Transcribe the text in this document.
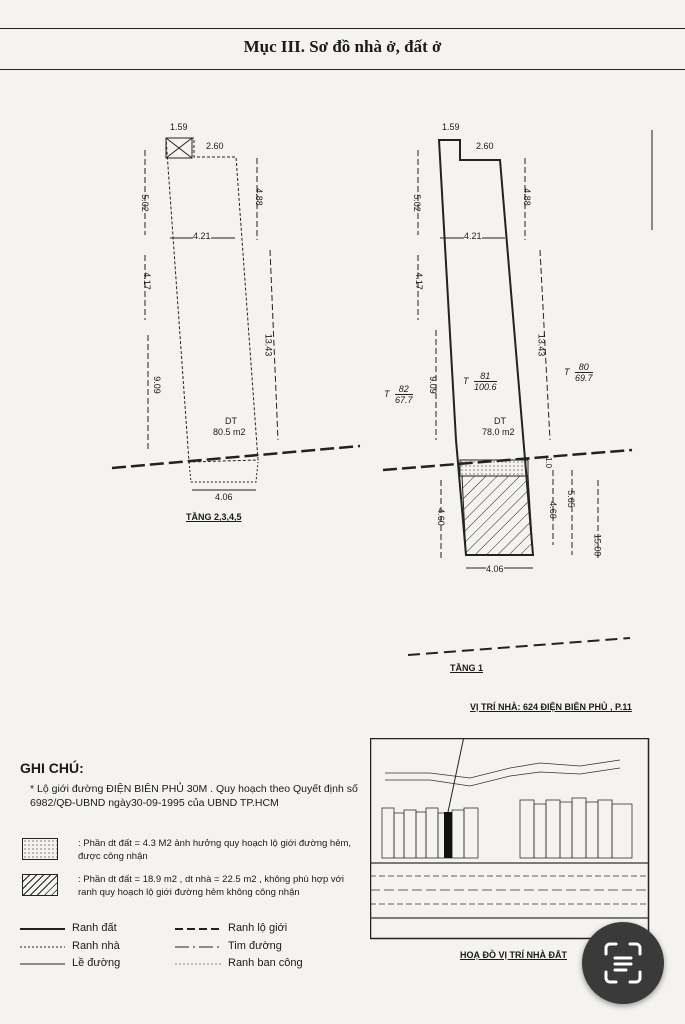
Mục III. Sơ đồ nhà ở, đất ở
1.59
2.60
5.02	4.88
4.21
4.17
13.43
9.09
DT
80.5 m2
4.06
TẦNG 2,3,4,5
1.59
2.60
5.02	4.88
4.21
4.17
13.43
9.09
T $\frac{82}{67.7}$
T $\frac{81}{100.6}$	T $\frac{80}{69.7}$
DT
78.0 m2
1.0
4.60	4.60
5.65
15.00
4.06
TẦNG 1
VỊ TRÍ NHÀ: 624 ĐIỆN BIÊN PHỦ , P.11
HOẠ ĐỒ VỊ TRÍ NHÀ ĐẤT
GHI CHÚ:
* Lộ giới đường ĐIỆN BIÊN PHỦ 30M . Quy hoạch theo Quyết định số 6982/QĐ-UBND ngày30-09-1995 của UBND TP.HCM
: Phần dt đất = 4.3 M2 ảnh hưởng quy hoạch lộ giới đường hẻm, được công nhận
: Phần dt đất = 18.9 m2 , dt nhà = 22.5 m2 , không phù hợp với ranh quy hoạch lộ giới đường hẻm không công nhận
Ranh đất
Ranh nhà
Lề đường
Ranh lộ giới
Tim đường
Ranh ban công
